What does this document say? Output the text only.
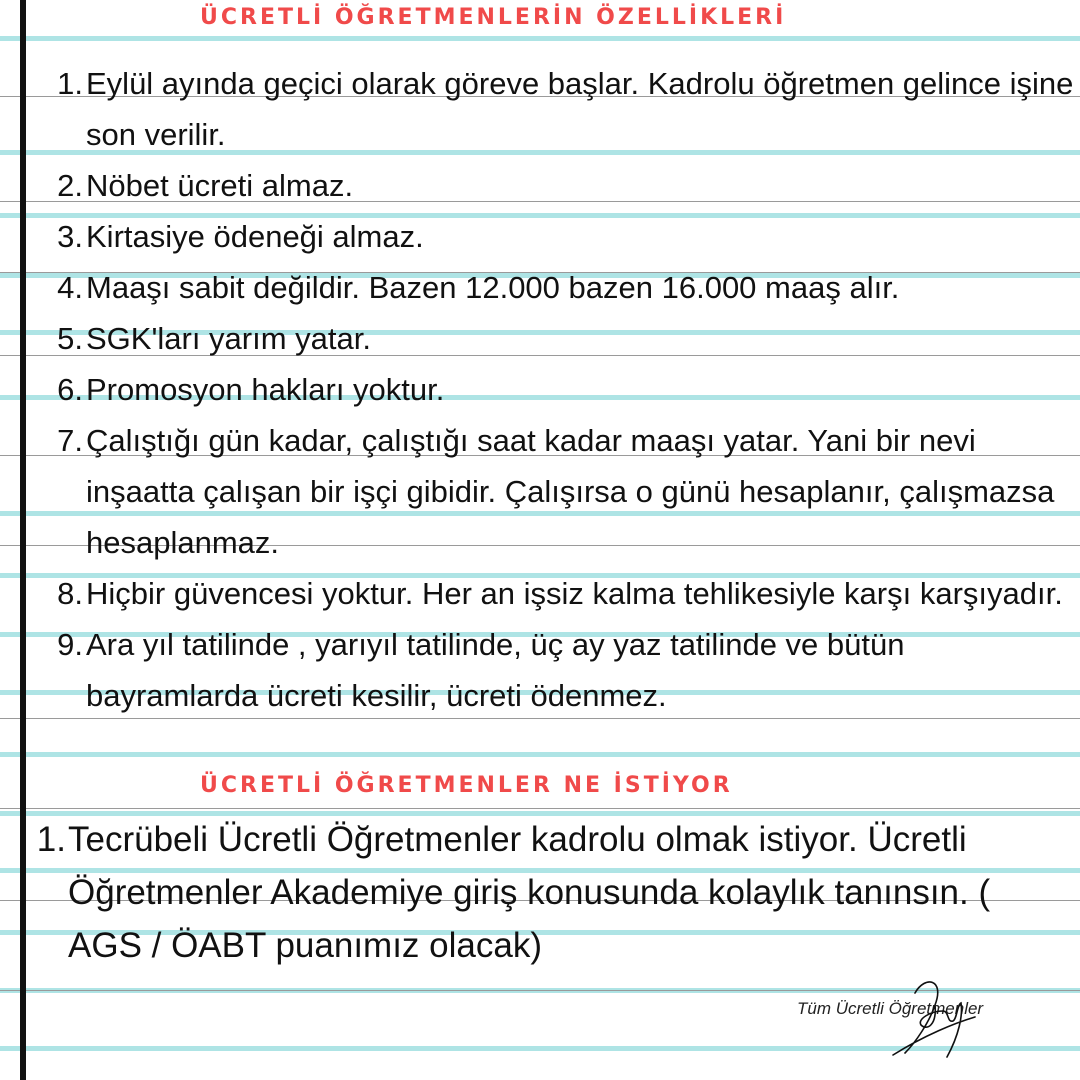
ÜCRETLİ ÖĞRETMENLERİN ÖZELLİKLERİ
1. Eylül ayında geçici olarak göreve başlar. Kadrolu öğretmen gelince işine son verilir.
2. Nöbet ücreti almaz.
3. Kirtasiye ödeneği almaz.
4. Maaşı sabit değildir. Bazen 12.000 bazen 16.000 maaş alır.
5. SGK'ları yarım yatar.
6. Promosyon hakları yoktur.
7. Çalıştığı gün kadar, çalıştığı saat kadar maaşı yatar. Yani bir nevi inşaatta çalışan bir işçi gibidir. Çalışırsa o günü hesaplanır, çalışmazsa hesaplanmaz.
8. Hiçbir güvencesi yoktur. Her an işsiz kalma tehlikesiyle karşı karşıyadır.
9. Ara yıl tatilinde , yarıyıl tatilinde, üç ay yaz tatilinde ve bütün bayramlarda ücreti kesilir, ücreti ödenmez.
ÜCRETLİ ÖĞRETMENLER NE İSTİYOR
1. Tecrübeli Ücretli Öğretmenler kadrolu olmak istiyor. Ücretli Öğretmenler Akademiye giriş konusunda kolaylık tanınsın. ( AGS / ÖABT puanımız olacak)
Tüm Ücretli Öğretmenler
